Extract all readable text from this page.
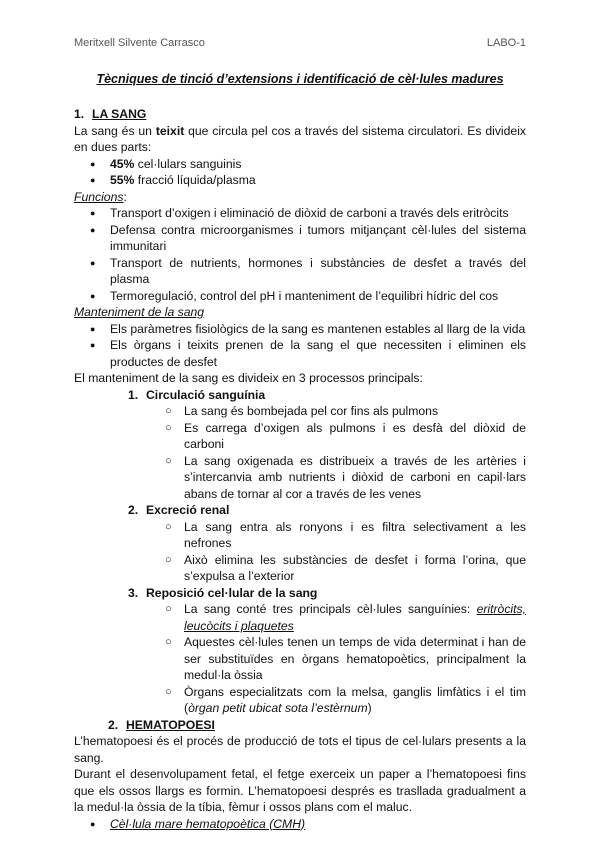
Meritxell Silvente Carrasco	LABO-1
Tècniques de tinció d’extensions i identificació de cèl·lules madures

1. LA SANG

La sang és un teixit que circula pel cos a través del sistema circulatori. Es divideix en dues parts:

● 45% cel·lulars sanguinis

● 55% fracció líquida/plasma

Funcions:

● Transport d’oxigen i eliminació de diòxid de carboni a través dels eritròcits

● Defensa contra microorganismes i tumors mitjançant cèl·lules del sistema immunitari

● Transport de nutrients, hormones i substàncies de desfet a través del plasma

● Termoregulació, control del pH i manteniment de l’equilibri hídric del cos

Manteniment de la sang

● Els paràmetres fisiològics de la sang es mantenen estables al llarg de la vida

● Els òrgans i teixits prenen de la sang el que necessiten i eliminen els productes de desfet

El manteniment de la sang es divideix en 3 processos principals:

1. Circulació sanguínia

○ La sang és bombejada pel cor fins als pulmons

○ Es carrega d’oxigen als pulmons i es desfà del diòxid de carboni

○ La sang oxigenada es distribueix a través de les artèries i s’intercanvia amb nutrients i diòxid de carboni en capil·lars abans de tornar al cor a través de les venes

2. Excreció renal

○ La sang entra als ronyons i es filtra selectivament a les nefrones

○ Això elimina les substàncies de desfet i forma l’orina, que s’expulsa a l’exterior

3. Reposició cel·lular de la sang

○ La sang conté tres principals cèl·lules sanguínies: eritròcits, leucòcits i plaquetes

○ Aquestes cèl·lules tenen un temps de vida determinat i han de ser substituïdes en òrgans hematopoètics, principalment la medul·la òssia

○ Òrgans especialitzats com la melsa, ganglis limfàtics i el tim (òrgan petit ubicat sota l’estèrnum)

2. HEMATOPOESI

L’hematopoesi és el procés de producció de tots el tipus de cel·lulars presents a la sang.

Durant el desenvolupament fetal, el fetge exerceix un paper a l’hematopoesi fins que els ossos llargs es formin. L’hematopoesi després es trasllada gradualment a la medul·la òssia de la tíbia, fèmur i ossos plans com el maluc.

● Cèl·lula mare hematopoètica (CMH)
